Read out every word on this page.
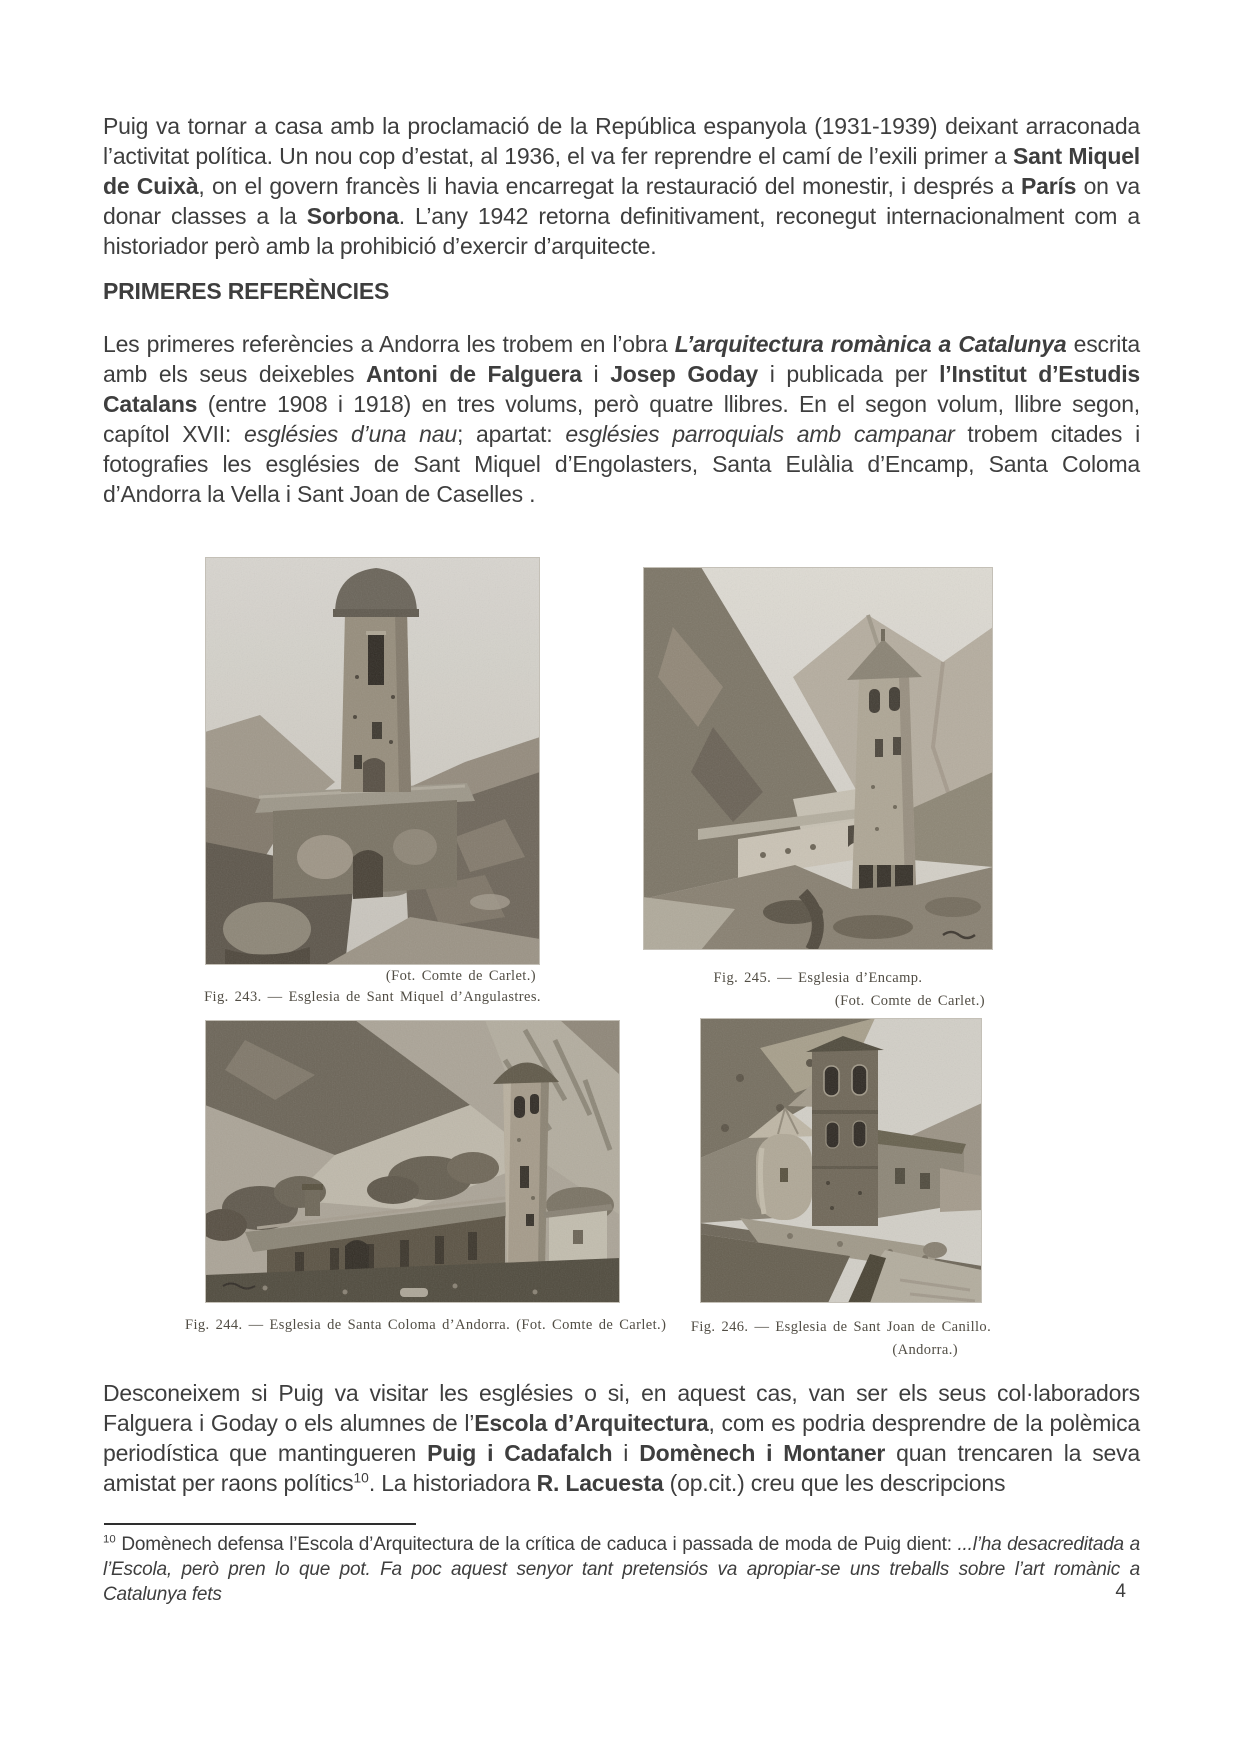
Puig va tornar a casa amb la proclamació de la República espanyola (1931-1939) deixant arraconada l’activitat política. Un nou cop d’estat, al 1936, el va fer reprendre el camí de l’exili primer a Sant Miquel de Cuixà, on el govern francès li havia encarregat la restauració del monestir, i després a París on va donar classes a la Sorbona. L’any 1942 retorna definitivament, reconegut internacionalment com a historiador però amb la prohibició d’exercir d’arquitecte.

PRIMERES REFERÈNCIES

Les primeres referències a Andorra les trobem en l’obra L’arquitectura romànica a Catalunya escrita amb els seus deixebles Antoni de Falguera i Josep Goday i publicada per l’Institut d’Estudis Catalans (entre 1908 i 1918) en tres volums, però quatre llibres. En el segon volum, llibre segon, capítol XVII: esglésies d’una nau; apartat: esglésies parroquials amb campanar trobem citades i fotografies les esglésies de Sant Miquel d’Engolasters, Santa Eulàlia d’Encamp, Santa Coloma d’Andorra la Vella i Sant Joan de Caselles .

(Fot. Comte de Carlet.)
Fig. 243. — Esglesia de Sant Miquel d’Angulastres.
Fig. 245. — Esglesia d’Encamp.
(Fot. Comte de Carlet.)
Fig. 244. — Esglesia de Santa Coloma d’Andorra. (Fot. Comte de Carlet.)	Fig. 246. — Esglesia de Sant Joan de Canillo.
(Andorra.)

Desconeixem si Puig va visitar les esglésies o si, en aquest cas, van ser els seus col·laboradors Falguera i Goday o els alumnes de l’Escola d’Arquitectura, com es podria desprendre de la polèmica periodística que mantingueren Puig i Cadafalch i Domènech i Montaner quan trencaren la seva amistat per raons polítics$^{10}$. La historiadora R. Lacuesta (op.cit.) creu que les descripcions

$^{10}$ Domènech defensa l’Escola d’Arquitectura de la crítica de caduca i passada de moda de Puig dient: ...l’ha desacreditada a l’Escola, però pren lo que pot. Fa poc aquest senyor tant pretensiós va apropiar-se uns treballs sobre l’art romànic a Catalunya fets	4
